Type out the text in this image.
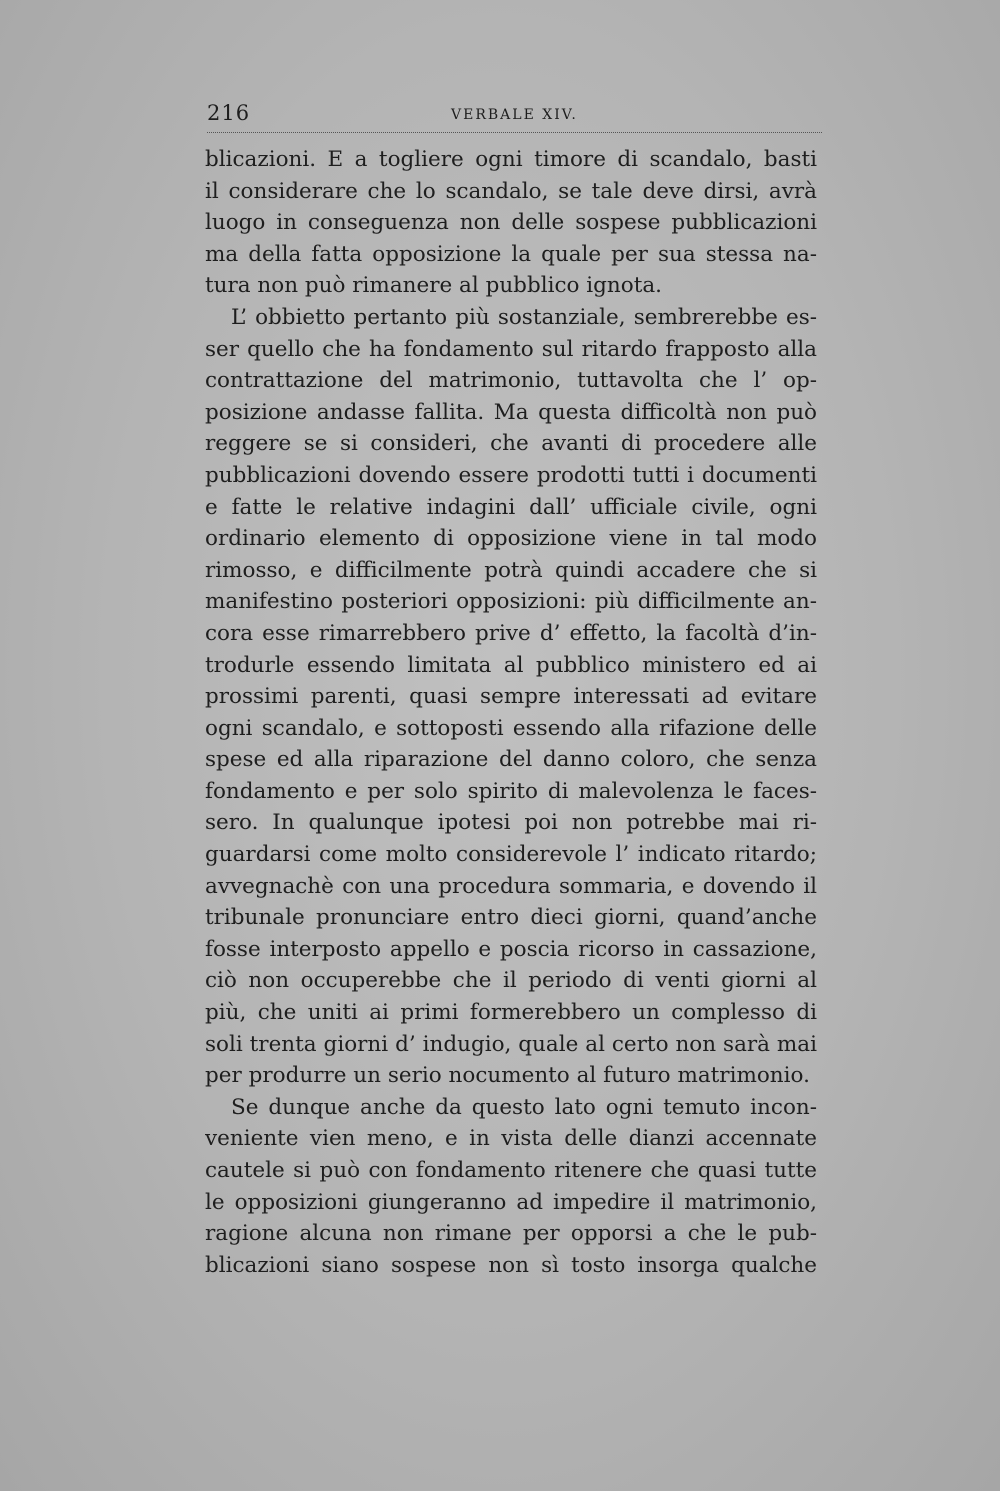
216	VERBALE XIV.
blicazioni. E a togliere ogni timore di scandalo, basti
il considerare che lo scandalo, se tale deve dirsi, avrà
luogo in conseguenza non delle sospese pubblicazioni
ma della fatta opposizione la quale per sua stessa na-
tura non può rimanere al pubblico ignota.
L’ obbietto pertanto più sostanziale, sembrerebbe es-
ser quello che ha fondamento sul ritardo frapposto alla
contrattazione del matrimonio, tuttavolta che l’ op-
posizione andasse fallita. Ma questa difficoltà non può
reggere se si consideri, che avanti di procedere alle
pubblicazioni dovendo essere prodotti tutti i documenti
e fatte le relative indagini dall’ ufficiale civile, ogni
ordinario elemento di opposizione viene in tal modo
rimosso, e difficilmente potrà quindi accadere che si
manifestino posteriori opposizioni: più difficilmente an-
cora esse rimarrebbero prive d’ effetto, la facoltà d’in-
trodurle essendo limitata al pubblico ministero ed ai
prossimi parenti, quasi sempre interessati ad evitare
ogni scandalo, e sottoposti essendo alla rifazione delle
spese ed alla riparazione del danno coloro, che senza
fondamento e per solo spirito di malevolenza le faces-
sero. In qualunque ipotesi poi non potrebbe mai ri-
guardarsi come molto considerevole l’ indicato ritardo;
avvegnachè con una procedura sommaria, e dovendo il
tribunale pronunciare entro dieci giorni, quand’anche
fosse interposto appello e poscia ricorso in cassazione,
ciò non occuperebbe che il periodo di venti giorni al
più, che uniti ai primi formerebbero un complesso di
soli trenta giorni d’ indugio, quale al certo non sarà mai
per produrre un serio nocumento al futuro matrimonio.
Se dunque anche da questo lato ogni temuto incon-
veniente vien meno, e in vista delle dianzi accennate
cautele si può con fondamento ritenere che quasi tutte
le opposizioni giungeranno ad impedire il matrimonio,
ragione alcuna non rimane per opporsi a che le pub-
blicazioni siano sospese non sì tosto insorga qualche
